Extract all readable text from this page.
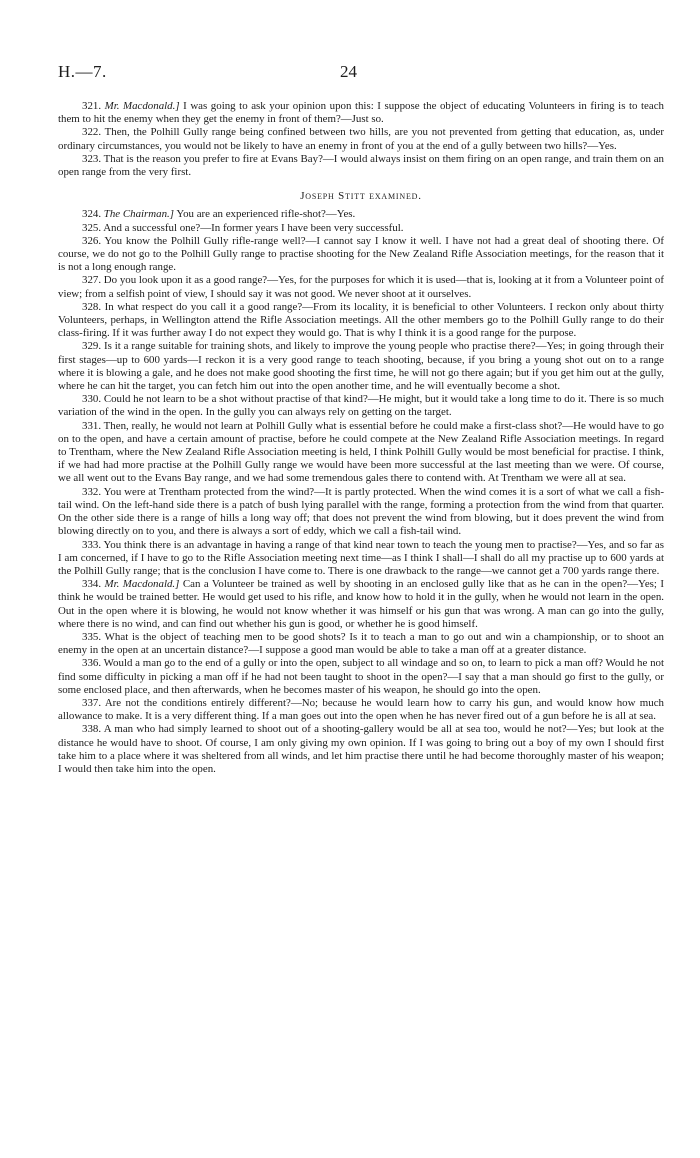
H.—7.	24

321. Mr. Macdonald.] I was going to ask your opinion upon this: I suppose the object of educating Volunteers in firing is to teach them to hit the enemy when they get the enemy in front of them?—Just so.

322. Then, the Polhill Gully range being confined between two hills, are you not prevented from getting that education, as, under ordinary circumstances, you would not be likely to have an enemy in front of you at the end of a gully between two hills?—Yes.

323. That is the reason you prefer to fire at Evans Bay?—I would always insist on them firing on an open range, and train them on an open range from the very first.

Joseph Stitt examined.

324. The Chairman.] You are an experienced rifle-shot?—Yes.

325. And a successful one?—In former years I have been very successful.

326. You know the Polhill Gully rifle-range well?—I cannot say I know it well. I have not had a great deal of shooting there. Of course, we do not go to the Polhill Gully range to practise shooting for the New Zealand Rifle Association meetings, for the reason that it is not a long enough range.

327. Do you look upon it as a good range?—Yes, for the purposes for which it is used—that is, looking at it from a Volunteer point of view; from a selfish point of view, I should say it was not good. We never shoot at it ourselves.

328. In what respect do you call it a good range?—From its locality, it is beneficial to other Volunteers. I reckon only about thirty Volunteers, perhaps, in Wellington attend the Rifle Association meetings. All the other members go to the Polhill Gully range to do their class-firing. If it was further away I do not expect they would go. That is why I think it is a good range for the purpose.

329. Is it a range suitable for training shots, and likely to improve the young people who practise there?—Yes; in going through their first stages—up to 600 yards—I reckon it is a very good range to teach shooting, because, if you bring a young shot out on to a range where it is blowing a gale, and he does not make good shooting the first time, he will not go there again; but if you get him out at the gully, where he can hit the target, you can fetch him out into the open another time, and he will eventually become a shot.

330. Could he not learn to be a shot without practise of that kind?—He might, but it would take a long time to do it. There is so much variation of the wind in the open. In the gully you can always rely on getting on the target.

331. Then, really, he would not learn at Polhill Gully what is essential before he could make a first-class shot?—He would have to go on to the open, and have a certain amount of practise, before he could compete at the New Zealand Rifle Association meetings. In regard to Trentham, where the New Zealand Rifle Association meeting is held, I think Polhill Gully would be most beneficial for practise. I think, if we had had more practise at the Polhill Gully range we would have been more successful at the last meeting than we were. Of course, we all went out to the Evans Bay range, and we had some tremendous gales there to contend with. At Trentham we were all at sea.

332. You were at Trentham protected from the wind?—It is partly protected. When the wind comes it is a sort of what we call a fish-tail wind. On the left-hand side there is a patch of bush lying parallel with the range, forming a protection from the wind from that quarter. On the other side there is a range of hills a long way off; that does not prevent the wind from blowing, but it does prevent the wind from blowing directly on to you, and there is always a sort of eddy, which we call a fish-tail wind.

333. You think there is an advantage in having a range of that kind near town to teach the young men to practise?—Yes, and so far as I am concerned, if I have to go to the Rifle Association meeting next time—as I think I shall—I shall do all my practise up to 600 yards at the Polhill Gully range; that is the conclusion I have come to. There is one drawback to the range—we cannot get a 700 yards range there.

334. Mr. Macdonald.] Can a Volunteer be trained as well by shooting in an enclosed gully like that as he can in the open?—Yes; I think he would be trained better. He would get used to his rifle, and know how to hold it in the gully, when he would not learn in the open. Out in the open where it is blowing, he would not know whether it was himself or his gun that was wrong. A man can go into the gully, where there is no wind, and can find out whether his gun is good, or whether he is good himself.

335. What is the object of teaching men to be good shots? Is it to teach a man to go out and win a championship, or to shoot an enemy in the open at an uncertain distance?—I suppose a good man would be able to take a man off at a greater distance.

336. Would a man go to the end of a gully or into the open, subject to all windage and so on, to learn to pick a man off? Would he not find some difficulty in picking a man off if he had not been taught to shoot in the open?—I say that a man should go first to the gully, or some enclosed place, and then afterwards, when he becomes master of his weapon, he should go into the open.

337. Are not the conditions entirely different?—No; because he would learn how to carry his gun, and would know how much allowance to make. It is a very different thing. If a man goes out into the open when he has never fired out of a gun before he is all at sea.

338. A man who had simply learned to shoot out of a shooting-gallery would be all at sea too, would he not?—Yes; but look at the distance he would have to shoot. Of course, I am only giving my own opinion. If I was going to bring out a boy of my own I should first take him to a place where it was sheltered from all winds, and let him practise there until he had become thoroughly master of his weapon; I would then take him into the open.
